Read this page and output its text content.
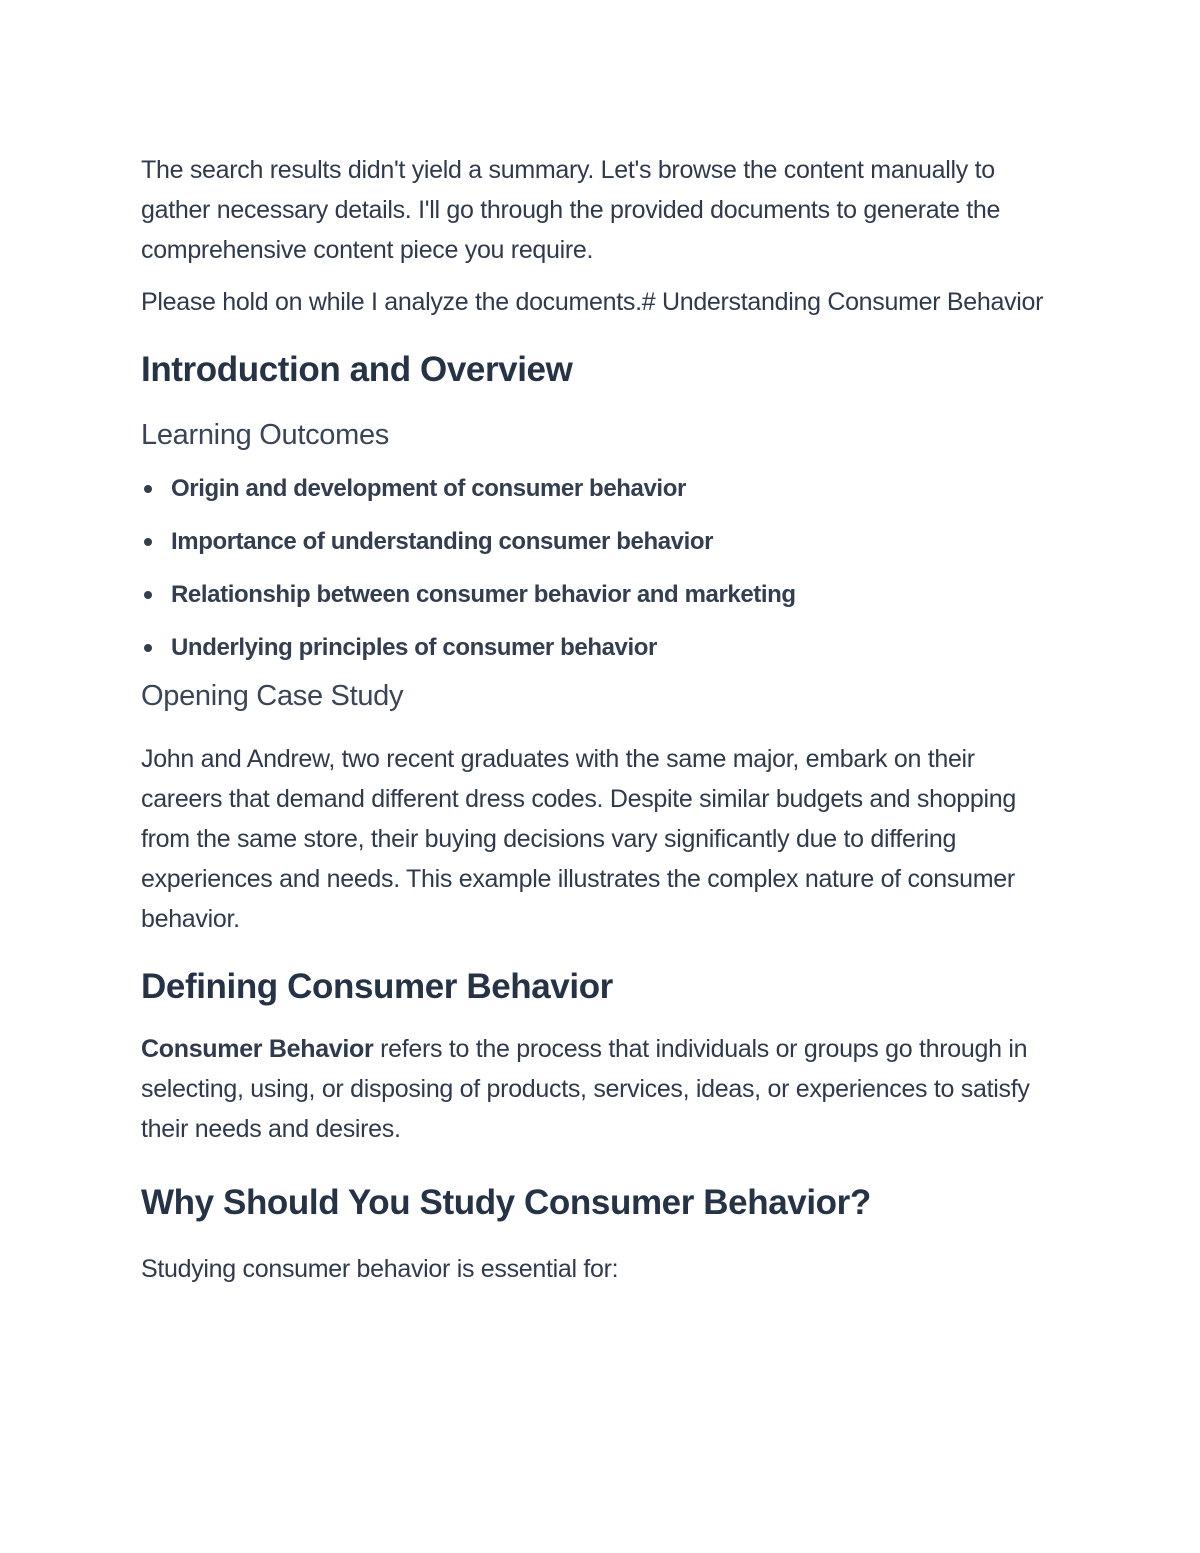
The search results didn't yield a summary. Let's browse the content manually to gather necessary details. I'll go through the provided documents to generate the comprehensive content piece you require.

Please hold on while I analyze the documents.# Understanding Consumer Behavior

Introduction and Overview
Learning Outcomes
Origin and development of consumer behavior
Importance of understanding consumer behavior
Relationship between consumer behavior and marketing
Underlying principles of consumer behavior
Opening Case Study

John and Andrew, two recent graduates with the same major, embark on their careers that demand different dress codes. Despite similar budgets and shopping from the same store, their buying decisions vary significantly due to differing experiences and needs. This example illustrates the complex nature of consumer behavior.

Defining Consumer Behavior

Consumer Behavior refers to the process that individuals or groups go through in selecting, using, or disposing of products, services, ideas, or experiences to satisfy their needs and desires.

Why Should You Study Consumer Behavior?

Studying consumer behavior is essential for:
